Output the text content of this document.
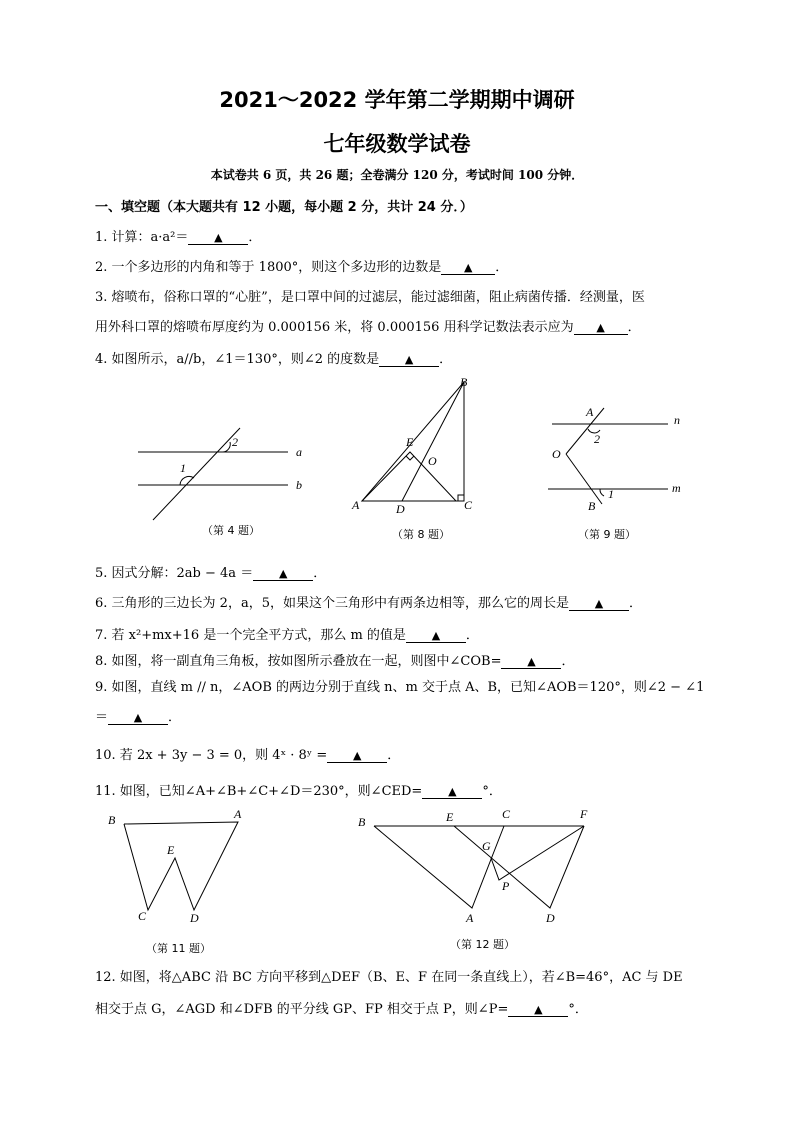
2021～2022 学年第二学期期中调研
七年级数学试卷
本试卷共 6 页，共 26 题；全卷满分 120 分，考试时间 100 分钟．
一、填空题（本大题共有 12 小题，每小题 2 分，共计 24 分．）
1. 计算：a·a²＝ ▲ ．
2. 一个多边形的内角和等于 1800°，则这个多边形的边数是 ▲ ．
3. 熔喷布，俗称口罩的“心脏”，是口罩中间的过滤层，能过滤细菌，阻止病菌传播．经测量，医
用外科口罩的熔喷布厚度约为 0.000156 米，将 0.000156 用科学记数法表示应为 ▲ ．
4. 如图所示，a//b，∠1＝130°，则∠2 的度数是 ▲ ．
2
1
a
b
（第 4 题）
B
E
O
A	D	C
（第 8 题）
A
n
2
O
m
1
B
（第 9 题）
5. 因式分解：2ab − 4a ＝ ▲ ．
6. 三角形的三边长为 2，a，5，如果这个三角形中有两条边相等，那么它的周长是 ▲ ．
7. 若 x²+mx+16 是一个完全平方式，那么 m 的值是 ▲ ．
8. 如图，将一副直角三角板，按如图所示叠放在一起，则图中∠COB= ▲ ．
9. 如图，直线 m // n，∠AOB 的两边分别于直线 n、m 交于点 A、B，已知∠AOB＝120°，则∠2 − ∠1
＝ ▲ ．
10. 若 2x + 3y − 3 = 0，则 4ˣ · 8ʸ = ▲ ．
11. 如图，已知∠A+∠B+∠C+∠D＝230°，则∠CED= ▲ °．
B	A
E
C	D
（第 11 题）
B	E	C	F
G
P
A	D
（第 12 题）
12. 如图，将△ABC 沿 BC 方向平移到△DEF（B、E、F 在同一条直线上），若∠B=46°，AC 与 DE
相交于点 G，∠AGD 和∠DFB 的平分线 GP、FP 相交于点 P，则∠P= ▲ °．
